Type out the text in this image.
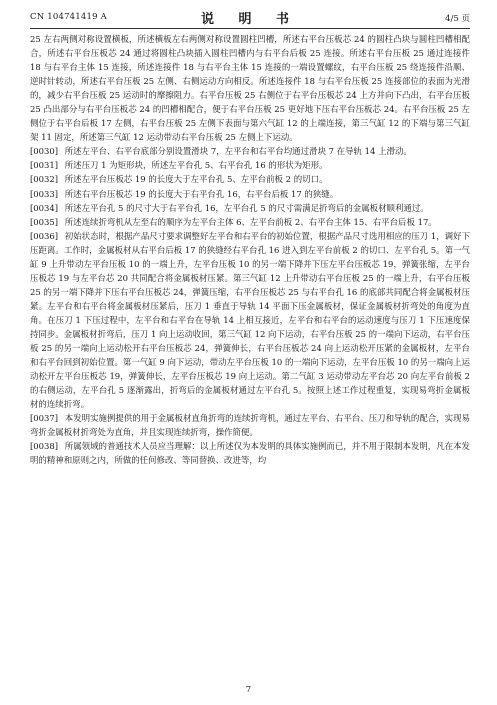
CN 104741419 A	说 明 书	4/5 页

25 左右两侧对称设置横板，所述横板左右两侧对称设置圆柱凹槽，所述右平台压板芯 24 的圆柱凸块与圆柱凹槽相配合，所述右平台压板芯 24 通过将圆柱凸块插入圆柱凹槽内与右平台后板 25 连接。所述右平台压板 25 通过连接件 18 与右平台主体 15 连接，所述连接件 18 与右平台主体 15 连接的一端设置螺纹，右平台压板 25 绕连接件沿顺、逆时针转动，所述右平台压板 25 左侧、右侧运动方向相反。所述连接件 18 与右平台压板 25 连接部位的表面为光滑的，减少右平台压板 25 运动时的摩擦阻力。右平台压板 25 右侧位于右平台压板芯 24 上方并向下凸出，右平台压板 25 凸出部分与右平台压板芯 24 的凹槽相配合，便于右平台压板 25 更好地下压右平台压板芯 24。右平台压板 25 左侧位于右平台后板 17 左侧，右平台压板 25 左侧下表面与第六气缸 12 的上端连接，第三气缸 12 的下端与第三气缸架 11 固定，所述第三气缸 12 运动带动右平台压板 25 左侧上下运动。

[0030] 所述左平台、右平台底部分别设置滑块 7，左平台和右平台均通过滑块 7 在导轨 14 上滑动。

[0031] 所述压刀 1 为矩形块，所述左平台孔 5、右平台孔 16 的形状为矩形。

[0032] 所述左平台压板芯 19 的长度大于左平台孔 5、左平台前板 2 的切口。

[0033] 所述右平台压板芯 19 的长度大于右平台孔 16，右平台后板 17 的狭缝。

[0034] 所述左平台孔 5 的尺寸大于右平台孔 16，左平台孔 5 的尺寸需满足折弯后的金属板材顺利通过。

[0035] 所述连续折弯机从左至右的顺序为左平台主体 6、左平台前板 2、右平台主体 15、右平台后板 17。

[0036] 初始状态时，根据产品尺寸要求调整好左平台和右平台的初始位置，根据产品尺寸选用相应的压刀 1，调好下压距离。工作时，金属板材从右平台后板 17 的狭缝经右平台孔 16 进入到左平台前板 2 的切口、左平台孔 5。第一气缸 9 上升带动左平台压板 10 的一端上升，左平台压板 10 的另一端下降并下压左平台压板芯 19，弹簧张缩，左平台压板芯 19 与左平台芯 20 共同配合将金属板材压紧。第三气缸 12 上升带动右平台压板 25 的一端上升，右平台压板 25 的另一端下降并下压右平台压板芯 24，弹簧压缩，右平台压板芯 25 与右平台孔 16 的底部共同配合将金属板材压紧。左平台和右平台将金属板材压紧后，压刀 1 垂直于导轨 14 平面下压金属板材，保证金属板材折弯处的角度为直角。在压刀 1 下压过程中，左平台和右平台在导轨 14 上相互接近，左平台和右平台的运动速度与压刀 1 下压速度保持同步。金属板材折弯后，压刀 1 向上运动收回，第三气缸 12 向下运动，右平台压板 25 的一端向下运动，右平台压板 25 的另一端向上运动松开右平台压板芯 24，弹簧伸长，右平台压板芯 24 向上运动松开压紧的金属板材，左平台和右平台回到初始位置。第一气缸 9 向下运动，带动左平台压板 10 的一端向下运动，左平台压板 10 的另一端向上运动松开左平台压板芯 19，弹簧伸长，左平台压板芯 19 向上运动。第二气缸 3 运动带动左平台芯 20 向左平台前板 2 的右侧运动，左平台孔 5 逐渐露出，折弯后的金属板材通过左平台孔 5。按照上述工作过程重复，实现易弯折金属板材的连续折弯。

[0037] 本发明实施例提供的用于金属板材直角折弯的连续折弯机，通过左平台、右平台、压刀和导轨的配合，实现易弯折金属板材折弯处为直角，并且实现连续折弯，操作简便。

[0038] 所属领域的普通技术人员应当理解：以上所述仅为本发明的具体实施例而已，并不用于限制本发明，凡在本发明的精神和原则之内，所做的任何修改、等同替换、改进等，均

7
